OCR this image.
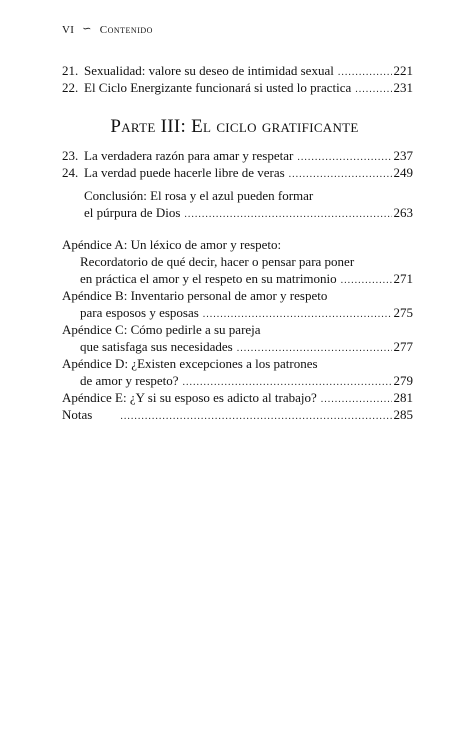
VI ∽ Contenido
21. Sexualidad: valore su deseo de intimidad sexual .....	221
22. El Ciclo Energizante funcionará si usted lo practica .....	231
Parte III: El ciclo gratificante
23. La verdadera razón para amar y respetar .....	237
24. La verdad puede hacerle libre de veras .....	249
Conclusión: El rosa y el azul pueden formar
el púrpura de Dios .....	263
Apéndice A: Un léxico de amor y respeto:
Recordatorio de qué decir, hacer o pensar para poner
en práctica el amor y el respeto en su matrimonio .....	271
Apéndice B: Inventario personal de amor y respeto
para esposos y esposas .....	275
Apéndice C: Cómo pedirle a su pareja
que satisfaga sus necesidades .....	277
Apéndice D: ¿Existen excepciones a los patrones
de amor y respeto? .....	279
Apéndice E: ¿Y si su esposo es adicto al trabajo? .....	281
Notas .....	285
